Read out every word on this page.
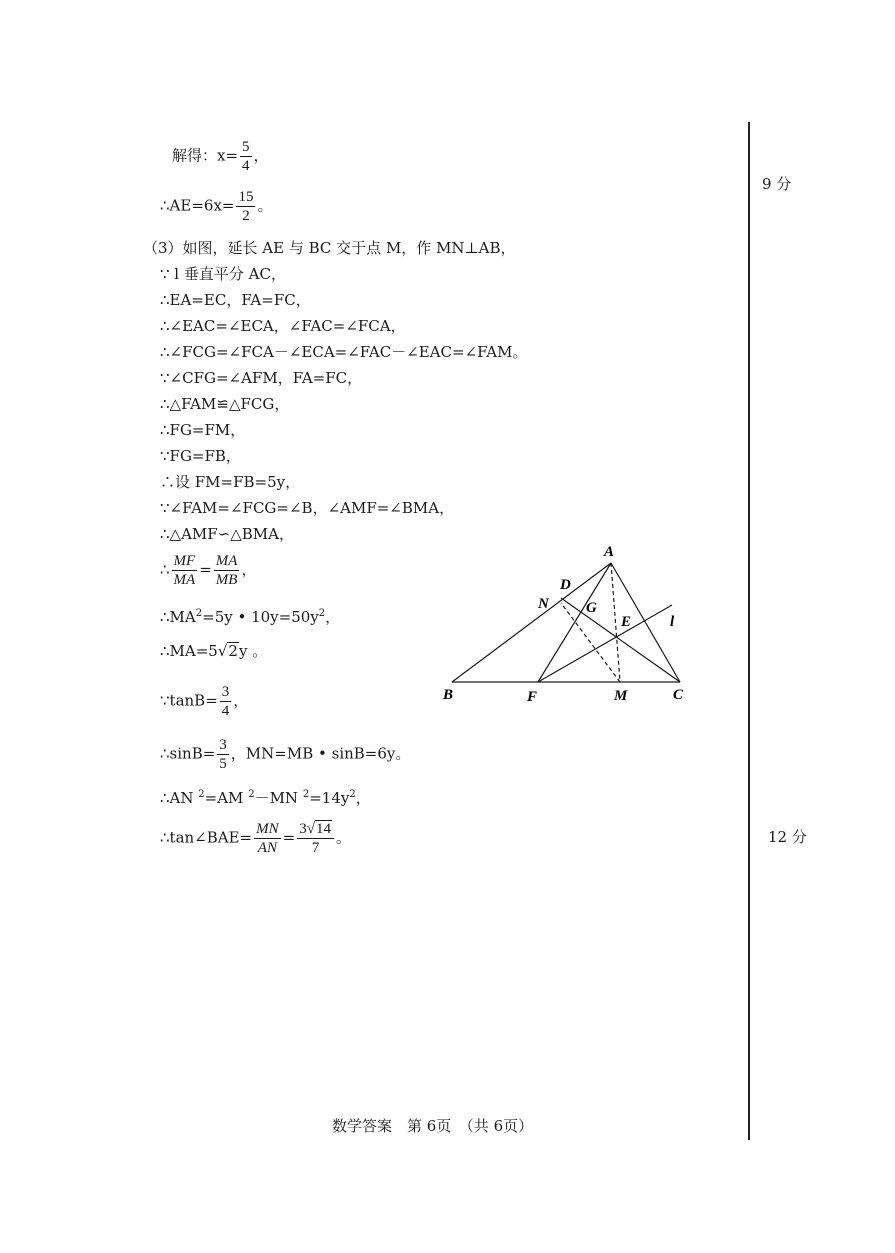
9 分
12 分
解得：$x= \frac{5}{4}$ ，
∴AE=6x= $\frac{15}{2}$ 。
（3）如图，延长 AE 与 BC 交于点 M，作 MN⊥AB，
∵ l 垂直平分 AC，
∴EA=EC，FA=FC，
∴∠EAC=∠ECA，∠FAC=∠FCA，
∴∠FCG=∠FCA－∠ECA=∠FAC－∠EAC=∠FAM。
∵∠CFG=∠AFM，FA=FC，
∴△FAM≌△FCG，
∴FG=FM，
∵FG=FB，
∴设 FM=FB=5y，
∵∠FAM=∠FCG=∠B，∠AMF=∠BMA，
∴△AMF∽△BMA，
∴ $\frac{MF}{MA} = \frac{MA}{MB}$ ，
$\therefore MA^2=5y$ • $10y=50y^2$，
∴MA=5√2y 。
∵tanB= $\frac{3}{4}$ ，
∴sinB= $\frac{3}{5}$ ，MN=MB • sinB=6y。
∴AN $^2$=AM $^2$－MN $^2=14y^2$，
∴tan∠BAE= $\frac{MN}{AN} = \frac{3√14}{7}$ 。
A
B	C
D
E
F
G
M
N
l
数学答案　第 6页　（共 6页）
